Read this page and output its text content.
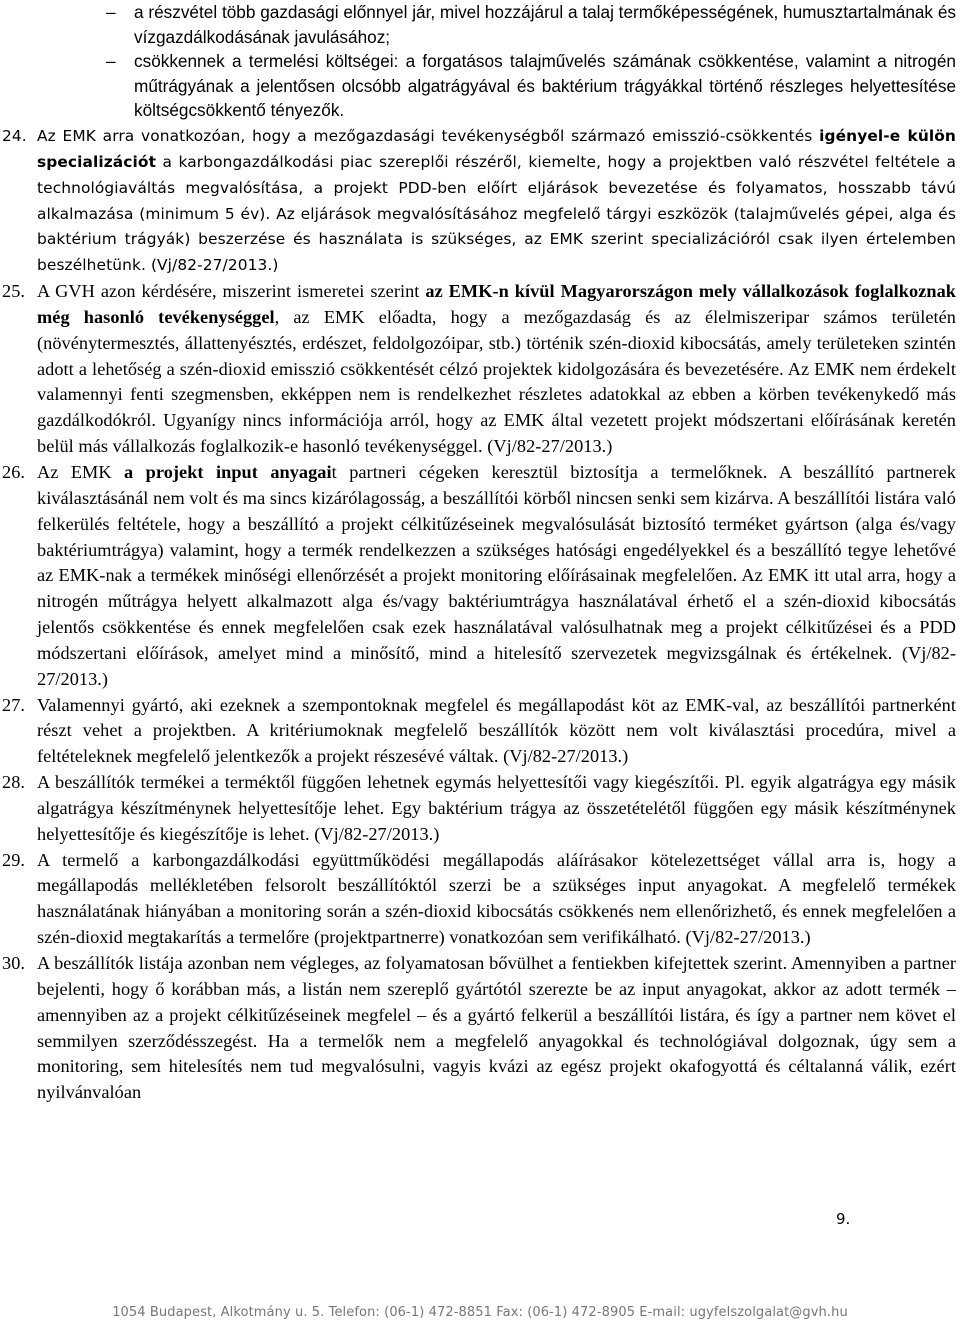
– a részvétel több gazdasági előnnyel jár, mivel hozzájárul a talaj termőképességének, humusztartalmának és vízgazdálkodásának javulásához;
– csökkennek a termelési költségei: a forgatásos talajművelés számának csökkentése, valamint a nitrogén műtrágyának a jelentősen olcsóbb algatrágyával és baktérium trágyákkal történő részleges helyettesítése költségcsökkentő tényezők.
24. Az EMK arra vonatkozóan, hogy a mezőgazdasági tevékenységből származó emisszió-csökkentés igényel-e külön specializációt a karbongazdálkodási piac szereplői részéről, kiemelte, hogy a projektben való részvétel feltétele a technológiaváltás megvalósítása, a projekt PDD-ben előírt eljárások bevezetése és folyamatos, hosszabb távú alkalmazása (minimum 5 év). Az eljárások megvalósításához megfelelő tárgyi eszközök (talajművelés gépei, alga és baktérium trágyák) beszerzése és használata is szükséges, az EMK szerint specializációról csak ilyen értelemben beszélhetünk. (Vj/82-27/2013.)
25. A GVH azon kérdésére, miszerint ismeretei szerint az EMK-n kívül Magyarországon mely vállalkozások foglalkoznak még hasonló tevékenységgel, az EMK előadta, hogy a mezőgazdaság és az élelmiszeripar számos területén (növénytermesztés, állattenyésztés, erdészet, feldolgozóipar, stb.) történik szén-dioxid kibocsátás, amely területeken szintén adott a lehetőség a szén-dioxid emisszió csökkentését célzó projektek kidolgozására és bevezetésére. Az EMK nem érdekelt valamennyi fenti szegmensben, ekképpen nem is rendelkezhet részletes adatokkal az ebben a körben tevékenykedő más gazdálkodókról. Ugyanígy nincs információja arról, hogy az EMK által vezetett projekt módszertani előírásának keretén belül más vállalkozás foglalkozik-e hasonló tevékenységgel. (Vj/82-27/2013.)
26. Az EMK a projekt input anyagait partneri cégeken keresztül biztosítja a termelőknek. A beszállító partnerek kiválasztásánál nem volt és ma sincs kizárólagosság, a beszállítói körből nincsen senki sem kizárva. A beszállítói listára való felkerülés feltétele, hogy a beszállító a projekt célkitűzéseinek megvalósulását biztosító terméket gyártson (alga és/vagy baktériumtrágya) valamint, hogy a termék rendelkezzen a szükséges hatósági engedélyekkel és a beszállító tegye lehetővé az EMK-nak a termékek minőségi ellenőrzését a projekt monitoring előírásainak megfelelően. Az EMK itt utal arra, hogy a nitrogén műtrágya helyett alkalmazott alga és/vagy baktériumtrágya használatával érhető el a szén-dioxid kibocsátás jelentős csökkentése és ennek megfelelően csak ezek használatával valósulhatnak meg a projekt célkitűzései és a PDD módszertani előírások, amelyet mind a minősítő, mind a hitelesítő szervezetek megvizsgálnak és értékelnek. (Vj/82-27/2013.)
27. Valamennyi gyártó, aki ezeknek a szempontoknak megfelel és megállapodást köt az EMK-val, az beszállítói partnerként részt vehet a projektben. A kritériumoknak megfelelő beszállítók között nem volt kiválasztási procedúra, mivel a feltételeknek megfelelő jelentkezők a projekt részesévé váltak. (Vj/82-27/2013.)
28. A beszállítók termékei a terméktől függően lehetnek egymás helyettesítői vagy kiegészítői. Pl. egyik algatrágya egy másik algatrágya készítménynek helyettesítője lehet. Egy baktérium trágya az összetételétől függően egy másik készítménynek helyettesítője és kiegészítője is lehet. (Vj/82-27/2013.)
29. A termelő a karbongazdálkodási együttműködési megállapodás aláírásakor kötelezettséget vállal arra is, hogy a megállapodás mellékletében felsorolt beszállítóktól szerzi be a szükséges input anyagokat. A megfelelő termékek használatának hiányában a monitoring során a szén-dioxid kibocsátás csökkenés nem ellenőrizhető, és ennek megfelelően a szén-dioxid megtakarítás a termelőre (projektpartnerre) vonatkozóan sem verifikálható. (Vj/82-27/2013.)
30. A beszállítók listája azonban nem végleges, az folyamatosan bővülhet a fentiekben kifejtettek szerint. Amennyiben a partner bejelenti, hogy ő korábban más, a listán nem szereplő gyártótól szerezte be az input anyagokat, akkor az adott termék – amennyiben az a projekt célkitűzéseinek megfelel – és a gyártó felkerül a beszállítói listára, és így a partner nem követ el semmilyen szerződésszegést. Ha a termelők nem a megfelelő anyagokkal és technológiával dolgoznak, úgy sem a monitoring, sem hitelesítés nem tud megvalósulni, vagyis kvázi az egész projekt okafogyottá és céltalanná válik, ezért nyilvánvalóan
9.
1054 Budapest, Alkotmány u. 5. Telefon: (06-1) 472-8851 Fax: (06-1) 472-8905 E-mail: ugyfelszolgalat@gvh.hu
